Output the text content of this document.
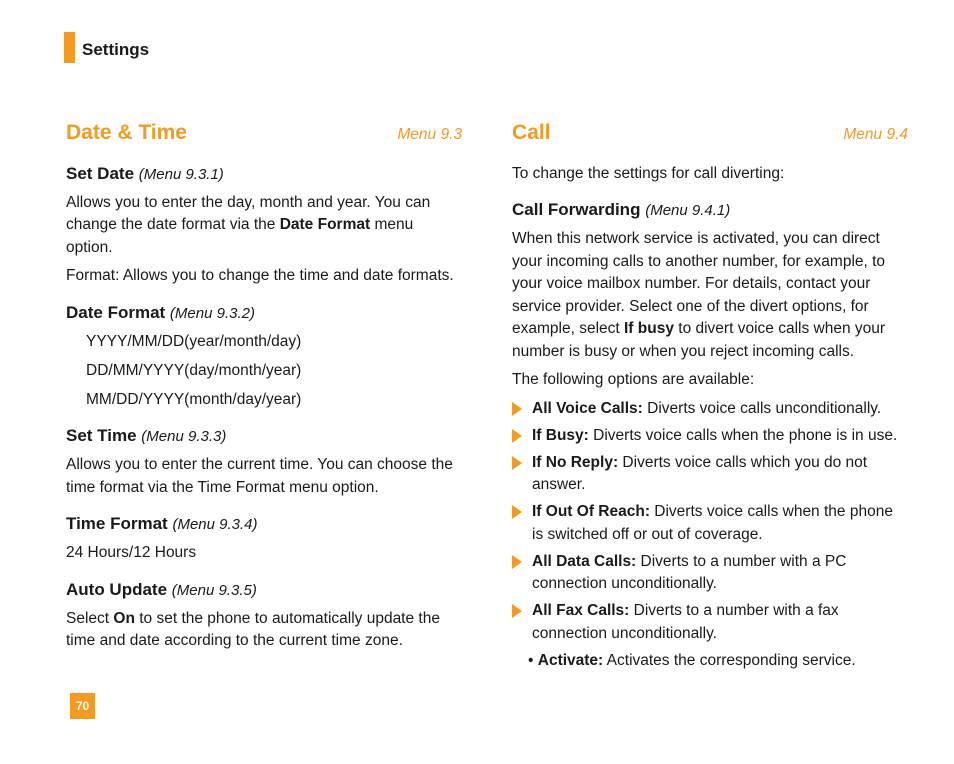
Settings
Date & Time	Menu 9.3
Set Date (Menu 9.3.1)

Allows you to enter the day, month and year. You can change the date format via the Date Format menu option.

Format: Allows you to change the time and date formats.

Date Format (Menu 9.3.2)
YYYY/MM/DD(year/month/day)
DD/MM/YYYY(day/month/year)
MM/DD/YYYY(month/day/year)
Set Time (Menu 9.3.3)

Allows you to enter the current time. You can choose the time format via the Time Format menu option.

Time Format (Menu 9.3.4)

24 Hours/12 Hours

Auto Update (Menu 9.3.5)

Select On to set the phone to automatically update the time and date according to the current time zone.

Call	Menu 9.4

To change the settings for call diverting:

Call Forwarding (Menu 9.4.1)

When this network service is activated, you can direct your incoming calls to another number, for example, to your voice mailbox number. For details, contact your service provider. Select one of the divert options, for example, select If busy to divert voice calls when your number is busy or when you reject incoming calls.

The following options are available:

All Voice Calls: Diverts voice calls unconditionally.
If Busy: Diverts voice calls when the phone is in use.
If No Reply: Diverts voice calls which you do not answer.
If Out Of Reach: Diverts voice calls when the phone is switched off or out of coverage.
All Data Calls: Diverts to a number with a PC connection unconditionally.
All Fax Calls: Diverts to a number with a fax connection unconditionally.
• Activate: Activates the corresponding service.
70
